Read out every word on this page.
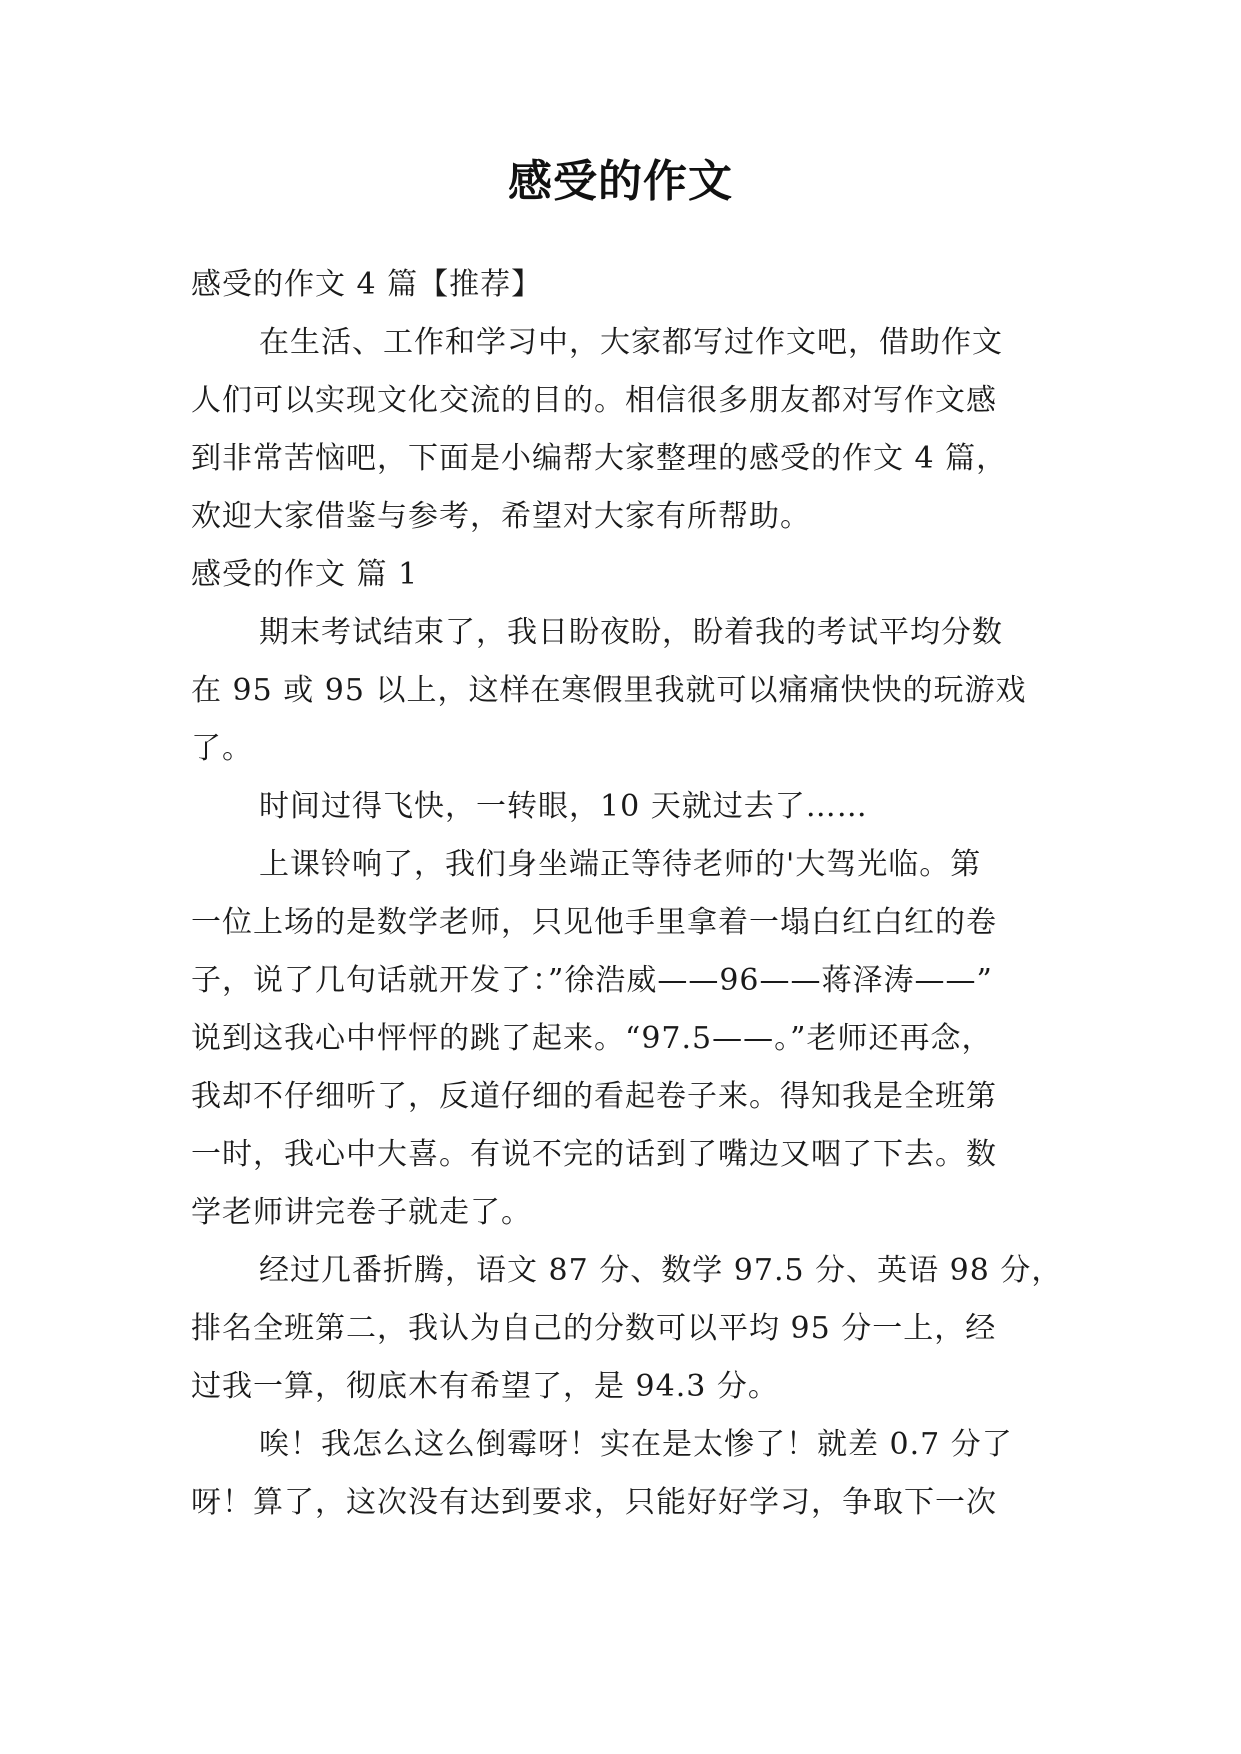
感受的作文
感受的作文 4 篇【推荐】
在生活、工作和学习中，大家都写过作文吧，借助作文
人们可以实现文化交流的目的。相信很多朋友都对写作文感
到非常苦恼吧，下面是小编帮大家整理的感受的作文 4 篇，
欢迎大家借鉴与参考，希望对大家有所帮助。
感受的作文 篇 1
期末考试结束了，我日盼夜盼，盼着我的考试平均分数
在 95 或 95 以上，这样在寒假里我就可以痛痛快快的玩游戏
了。
时间过得飞快，一转眼，10 天就过去了……
上课铃响了，我们身坐端正等待老师的'大驾光临。第
一位上场的是数学老师，只见他手里拿着一塌白红白红的卷
子，说了几句话就开发了：”徐浩威——96——蒋泽涛——”
说到这我心中怦怦的跳了起来。“97.5——。”老师还再念，
我却不仔细听了，反道仔细的看起卷子来。得知我是全班第
一时，我心中大喜。有说不完的话到了嘴边又咽了下去。数
学老师讲完卷子就走了。
经过几番折腾，语文 87 分、数学 97.5 分、英语 98 分，
排名全班第二，我认为自己的分数可以平均 95 分一上，经
过我一算，彻底木有希望了，是 94.3 分。
唉！我怎么这么倒霉呀！实在是太惨了！就差 0.7 分了
呀！算了，这次没有达到要求，只能好好学习，争取下一次
